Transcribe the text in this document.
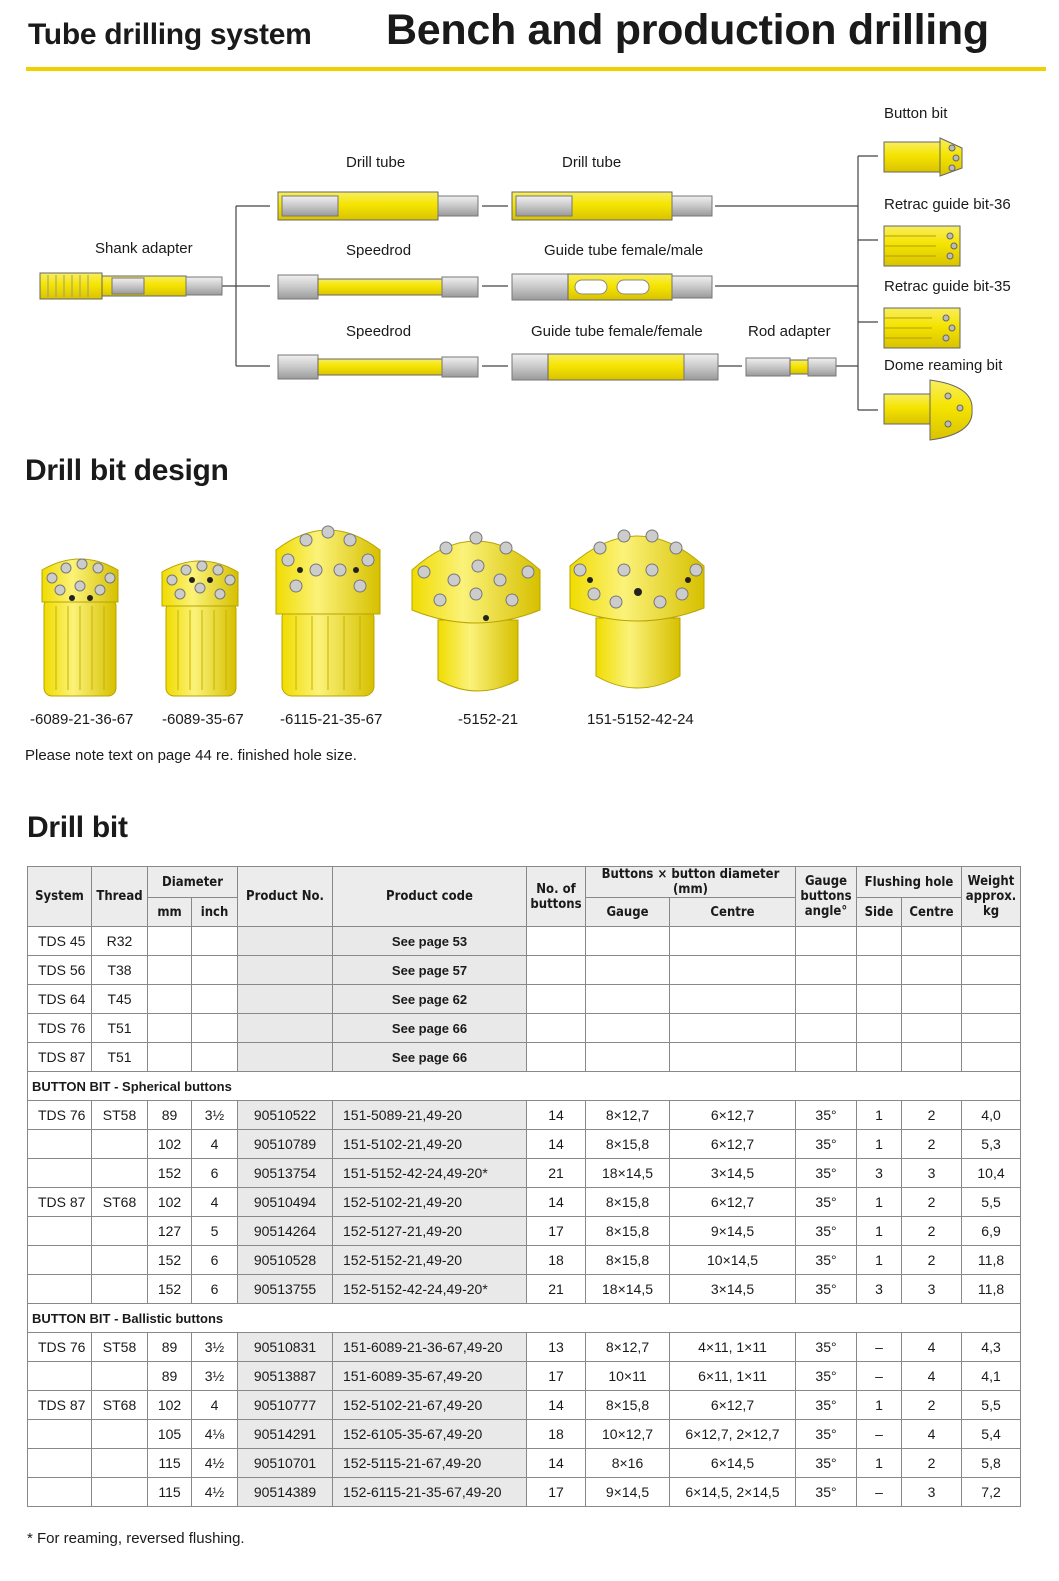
Tube drilling system Bench and production drilling
Shank adapter
Drill tube	Drill tube
Speedrod	Guide tube female/male
Speedrod	Guide tube female/female	Rod adapter
Button bit
Retrac guide bit-36
Retrac guide bit-35
Dome reaming bit
Drill bit design
-6089-21-36-67 -6089-35-67 -6115-21-35-67	-5152-21	151-5152-42-24
Please note text on page 44 re. finished hole size.
Drill bit
System	Thread	Diameter		Product No.	Product code	No. of buttons	Buttons × button diameter (mm)		Gauge buttons angle°	Flushing hole		Weight approx. kg
		mm	inch				Gauge	Centre		Side	Centre	
TDS 45	R32				See page 53							
TDS 56	T38				See page 57							
TDS 64	T45				See page 62							
TDS 76	T51				See page 66							
TDS 87	T51				See page 66							
BUTTON BIT - Spherical buttons												
TDS 76	ST58	89	3½	90510522	151-5089-21,49-20	14	8×12,7	6×12,7	35°	1	2	4,0
		102	4	90510789	151-5102-21,49-20	14	8×15,8	6×12,7	35°	1	2	5,3
		152	6	90513754	151-5152-42-24,49-20*	21	18×14,5	3×14,5	35°	3	3	10,4
TDS 87	ST68	102	4	90510494	152-5102-21,49-20	14	8×15,8	6×12,7	35°	1	2	5,5
		127	5	90514264	152-5127-21,49-20	17	8×15,8	9×14,5	35°	1	2	6,9
		152	6	90510528	152-5152-21,49-20	18	8×15,8	10×14,5	35°	1	2	11,8
		152	6	90513755	152-5152-42-24,49-20*	21	18×14,5	3×14,5	35°	3	3	11,8
BUTTON BIT - Ballistic buttons												
TDS 76	ST58	89	3½	90510831	151-6089-21-36-67,49-20	13	8×12,7	4×11, 1×11	35°	–	4	4,3
		89	3½	90513887	151-6089-35-67,49-20	17	10×11	6×11, 1×11	35°	–	4	4,1
TDS 87	ST68	102	4	90510777	152-5102-21-67,49-20	14	8×15,8	6×12,7	35°	1	2	5,5
		105	4⅛	90514291	152-6105-35-67,49-20	18	10×12,7	6×12,7, 2×12,7	35°	–	4	5,4
		115	4½	90510701	152-5115-21-67,49-20	14	8×16	6×14,5	35°	1	2	5,8
		115	4½	90514389	152-6115-21-35-67,49-20	17	9×14,5	6×14,5, 2×14,5	35°	–	3	7,2
* For reaming, reversed flushing.
